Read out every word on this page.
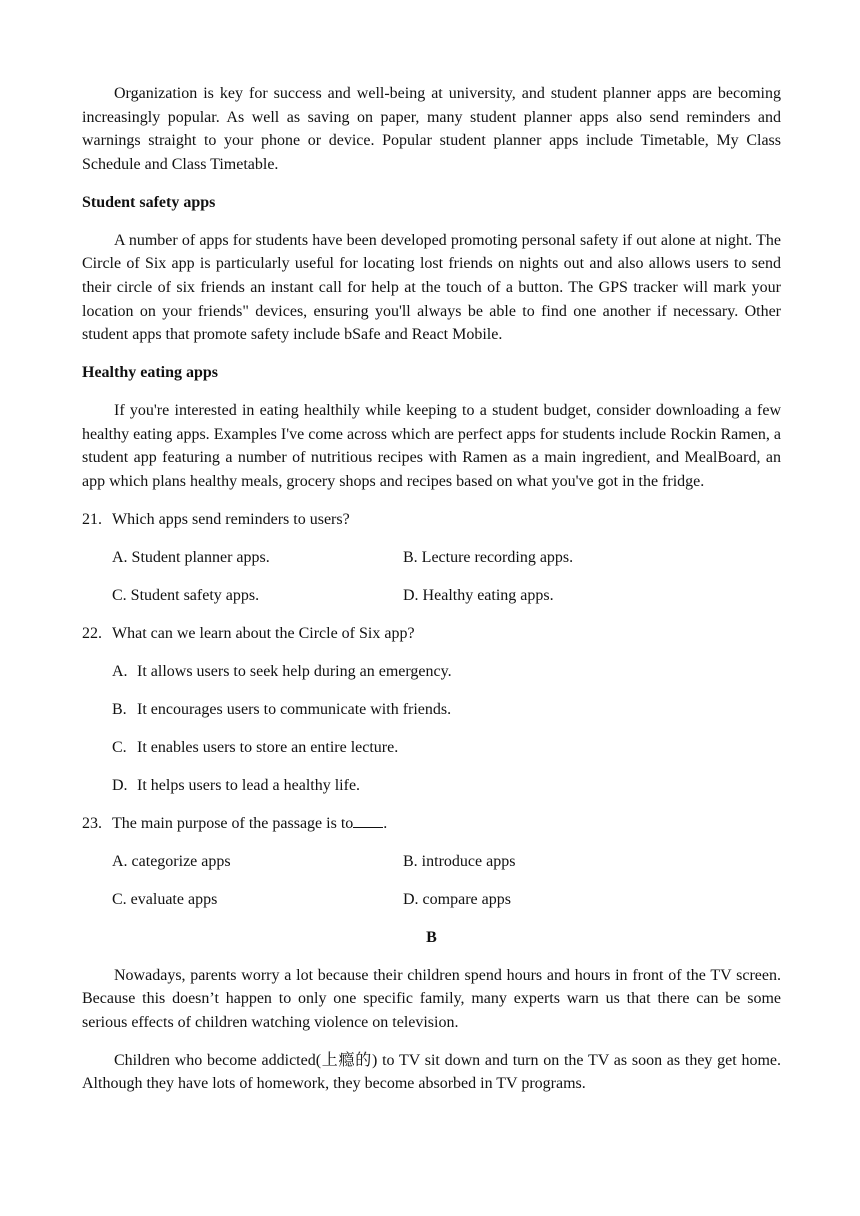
Organization is key for success and well-being at university, and student planner apps are becoming increasingly popular. As well as saving on paper, many student planner apps also send reminders and warnings straight to your phone or device. Popular student planner apps include Timetable, My Class Schedule and Class Timetable.

Student safety apps

A number of apps for students have been developed promoting personal safety if out alone at night. The Circle of Six app is particularly useful for locating lost friends on nights out and also allows users to send their circle of six friends an instant call for help at the touch of a button. The GPS tracker will mark your location on your friends" devices, ensuring you'll always be able to find one another if necessary. Other student apps that promote safety include bSafe and React Mobile.

Healthy eating apps

If you're interested in eating healthily while keeping to a student budget, consider downloading a few healthy eating apps. Examples I've come across which are perfect apps for students include Rockin Ramen, a student app featuring a number of nutritious recipes with Ramen as a main ingredient, and MealBoard, an app which plans healthy meals, grocery shops and recipes based on what you've got in the fridge.

21. Which apps send reminders to users?

A. Student planner apps.	B. Lecture recording apps.

C. Student safety apps.	D. Healthy eating apps.

22. What can we learn about the Circle of Six app?

A. It allows users to seek help during an emergency.

B. It encourages users to communicate with friends.

C. It enables users to store an entire lecture.

D. It helps users to lead a healthy life.

23. The main purpose of the passage is to .

A. categorize apps	B. introduce apps

C. evaluate apps	D. compare apps

B

Nowadays, parents worry a lot because their children spend hours and hours in front of the TV screen. Because this doesn’t happen to only one specific family, many experts warn us that there can be some serious effects of children watching violence on television.

Children who become addicted(上瘾的) to TV sit down and turn on the TV as soon as they get home. Although they have lots of homework, they become absorbed in TV programs.
